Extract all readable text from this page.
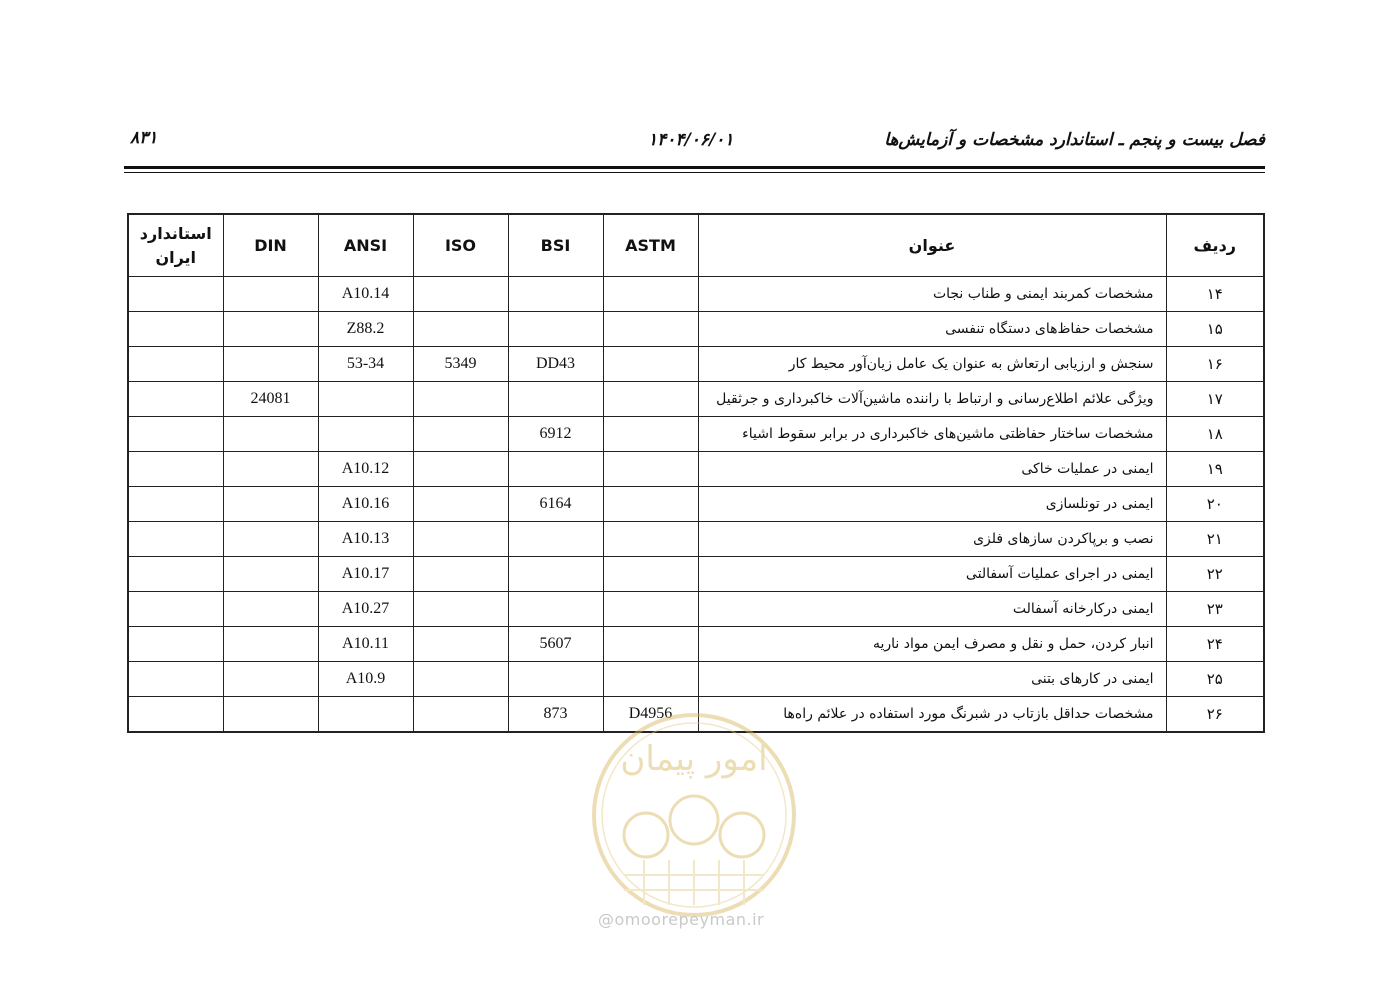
فصل بیست و پنجم ـ استاندارد مشخصات و آزمایش‌ها
۱۴۰۴/۰۶/۰۱
۸۳۱
ردیف	عنوان	ASTM	BSI	ISO	ANSI	DIN	استاندارد ایران
۱۴	مشخصات کمربند ایمنی و طناب نجات				A10.14		
۱۵	مشخصات حفاظ‌های دستگاه تنفسی				Z88.2		
۱۶	سنجش و ارزیابی ارتعاش به عنوان یک عامل زیان‌آور محیط کار		DD43	5349	53-34		
۱۷	ویژگی علائم اطلاع‌رسانی و ارتباط با راننده ماشین‌آلات خاکبرداری و جرثقیل					24081	
۱۸	مشخصات ساختار حفاظتی ماشین‌های خاکبرداری در برابر سقوط اشیاء		6912				
۱۹	ایمنی در عملیات خاکی				A10.12		
۲۰	ایمنی در تونلسازی		6164		A10.16		
۲۱	نصب و برپاکردن سازهای فلزی				A10.13		
۲۲	ایمنی در اجرای عملیات آسفالتی				A10.17		
۲۳	ایمنی درکارخانه آسفالت				A10.27		
۲۴	انبار کردن، حمل و نقل و مصرف ایمن مواد ناریه		5607		A10.11		
۲۵	ایمنی در کارهای بتنی				A10.9		
۲۶	مشخصات حداقل بازتاب در شبرنگ مورد استفاده در علائم راه‌ها	D4956	873				
امور پیمان
@omoorepeyman.ir
